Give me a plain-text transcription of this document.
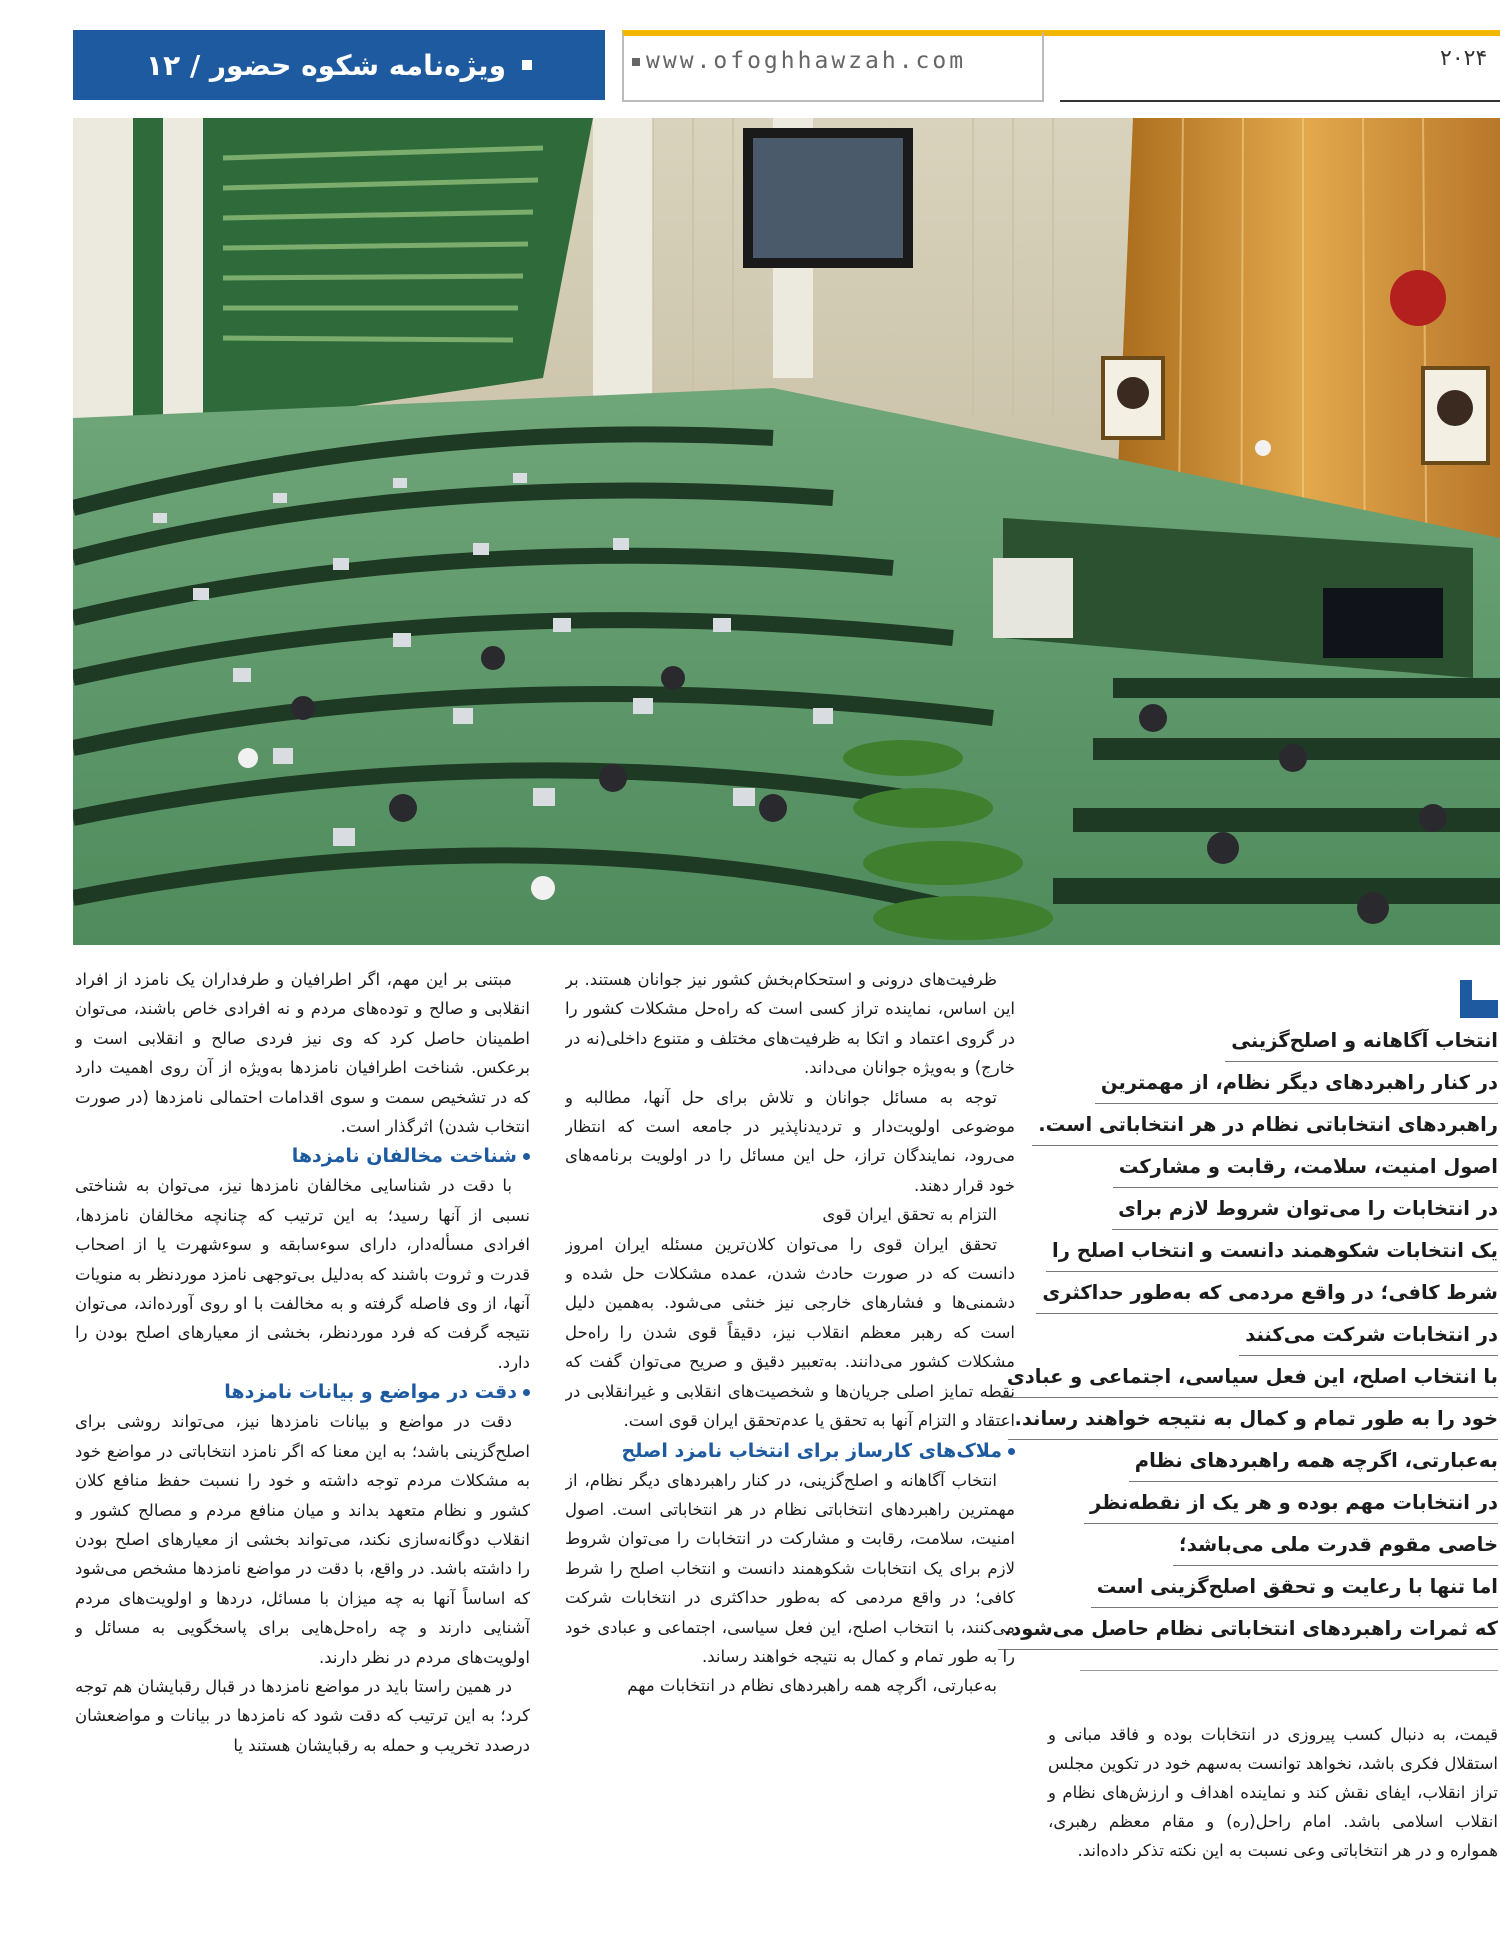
ویژه‌نامه شکوه حضور / ۱۲	www.ofoghhawzah.com	۲۰۲۴
انتخاب آگاهانه و اصلح‌گزینی
در کنار راهبردهای دیگر نظام، از مهمترین
راهبردهای انتخاباتی نظام در هر انتخاباتی است.
اصول امنیت، سلامت، رقابت و مشارکت
در انتخابات را می‌توان شروط لازم برای
یک انتخابات شکوهمند دانست و انتخاب اصلح را
شرط کافی؛ در واقع مردمی که به‌طور حداکثری
در انتخابات شرکت می‌کنند
با انتخاب اصلح، این فعل سیاسی، اجتماعی و عبادی
خود را به طور تمام و کمال به نتیجه خواهند رساند.
به‌عبارتی، اگرچه همه راهبردهای نظام
در انتخابات مهم بوده و هر یک از نقطه‌نظر
خاصی مقوم قدرت ملی می‌باشد؛
اما تنها با رعایت و تحقق اصلح‌گزینی است
که ثمرات راهبردهای انتخاباتی نظام حاصل می‌شود.
قیمت، به دنبال کسب پیروزی در انتخابات بوده و فاقد مبانی و استقلال فکری باشد، نخواهد توانست به‌سهم خود در تکوین مجلس تراز انقلاب، ایفای نقش کند و نماینده اهداف و ارزش‌های نظام و انقلاب اسلامی باشد. امام راحل(ره) و مقام معظم رهبری، همواره و در هر انتخاباتی وعی نسبت به این نکته تذکر داده‌اند.

ظرفیت‌های درونی و استحکام‌بخش کشور نیز جوانان هستند. بر این اساس، نماینده تراز کسی است که راه‌حل مشکلات کشور را در گروی اعتماد و اتکا به ظرفیت‌های مختلف و متنوع داخلی(نه در خارج) و به‌ویژه جوانان می‌داند.

توجه به مسائل جوانان و تلاش برای حل آنها، مطالبه و موضوعی اولویت‌دار و تردیدناپذیر در جامعه است که انتظار می‌رود، نمایندگان تراز، حل این مسائل را در اولویت برنامه‌های خود قرار دهند.

التزام به تحقق ایران قوی

تحقق ایران قوی را می‌توان کلان‌ترین مسئله ایران امروز دانست که در صورت حادث شدن، عمده مشکلات حل شده و دشمنی‌ها و فشارهای خارجی نیز خنثی می‌شود. به‌همین دلیل است که رهبر معظم انقلاب نیز، دقیقاً قوی شدن را راه‌حل مشکلات کشور می‌دانند. به‌تعبیر دقیق و صریح می‌توان گفت که نقطه تمایز اصلی جریان‌ها و شخصیت‌های انقلابی و غیرانقلابی در اعتقاد و التزام آنها به تحقق یا عدم‌تحقق ایران قوی است.

ملاک‌های کارساز برای انتخاب نامزد اصلح

انتخاب آگاهانه و اصلح‌گزینی، در کنار راهبردهای دیگر نظام، از مهمترین راهبردهای انتخاباتی نظام در هر انتخاباتی است. اصول امنیت، سلامت، رقابت و مشارکت در انتخابات را می‌توان شروط لازم برای یک انتخابات شکوهمند دانست و انتخاب اصلح را شرط کافی؛ در واقع مردمی که به‌طور حداکثری در انتخابات شرکت می‌کنند، با انتخاب اصلح، این فعل سیاسی، اجتماعی و عبادی خود را به طور تمام و کمال به نتیجه خواهند رساند.

به‌عبارتی، اگرچه همه راهبردهای نظام در انتخابات مهم

مبتنی بر این مهم، اگر اطرافیان و طرفداران یک نامزد از افراد انقلابی و صالح و توده‌های مردم و نه افرادی خاص باشند، می‌توان اطمینان حاصل کرد که وی نیز فردی صالح و انقلابی است و برعکس. شناخت اطرافیان نامزدها به‌ویژه از آن روی اهمیت دارد که در تشخیص سمت و سوی اقدامات احتمالی نامزدها (در صورت انتخاب شدن) اثرگذار است.

شناخت مخالفان نامزدها

با دقت در شناسایی مخالفان نامزدها نیز، می‌توان به شناختی نسبی از آنها رسید؛ به این ترتیب که چنانچه مخالفان نامزدها، افرادی مسأله‌دار، دارای سوءسابقه و سوءشهرت یا از اصحاب قدرت و ثروت باشند که به‌دلیل بی‌توجهی نامزد موردنظر به منویات آنها، از وی فاصله گرفته و به مخالفت با او روی آورده‌اند، می‌توان نتیجه گرفت که فرد موردنظر، بخشی از معیارهای اصلح بودن را دارد.

دقت در مواضع و بیانات نامزدها

دقت در مواضع و بیانات نامزدها نیز، می‌تواند روشی برای اصلح‌گزینی باشد؛ به این معنا که اگر نامزد انتخاباتی در مواضع خود به مشکلات مردم توجه داشته و خود را نسبت حفظ منافع کلان کشور و نظام متعهد بداند و میان منافع مردم و مصالح کشور و انقلاب دوگانه‌سازی نکند، می‌تواند بخشی از معیارهای اصلح بودن را داشته باشد. در واقع، با دقت در مواضع نامزدها مشخص می‌شود که اساساً آنها به چه میزان با مسائل، دردها و اولویت‌های مردم آشنایی دارند و چه راه‌حل‌هایی برای پاسخگویی به مسائل و اولویت‌های مردم در نظر دارند.

در همین راستا باید در مواضع نامزدها در قبال رقبایشان هم توجه کرد؛ به این ترتیب که دقت شود که نامزدها در بیانات و مواضعشان درصدد تخریب و حمله به رقبایشان هستند یا
